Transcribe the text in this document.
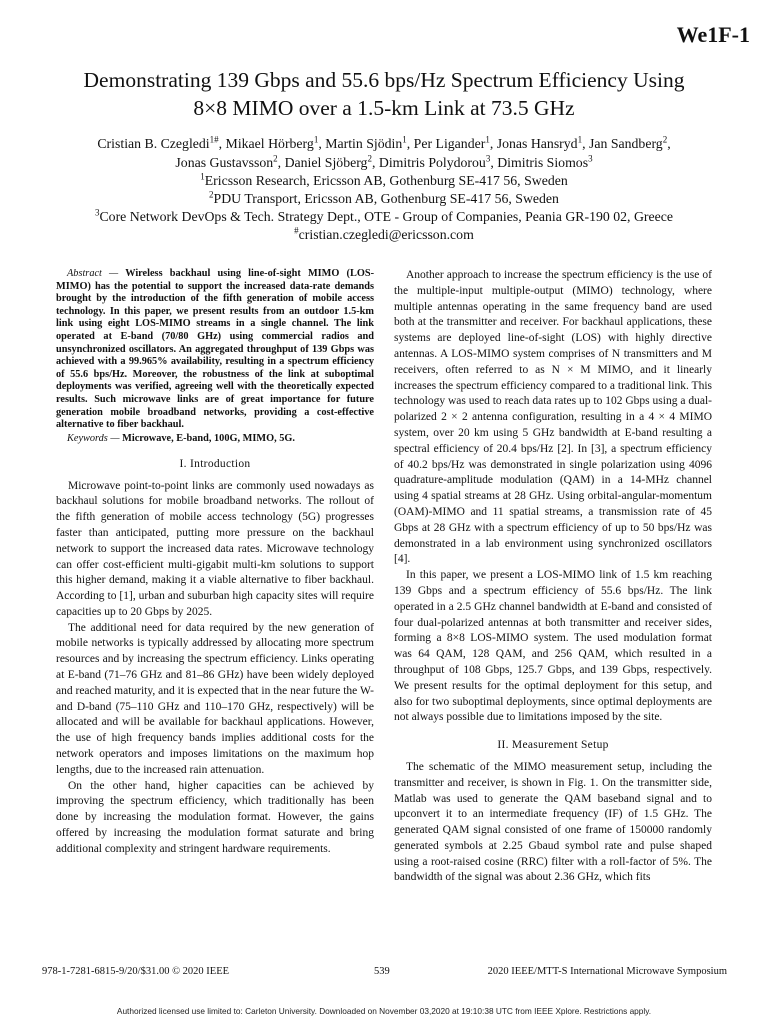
We1F-1
Demonstrating 139 Gbps and 55.6 bps/Hz Spectrum Efficiency Using
8×8 MIMO over a 1.5-km Link at 73.5 GHz
Cristian B. Czegledi$^{1\#}$, Mikael Hörberg$^1$, Martin Sjödin$^1$, Per Ligander$^1$, Jonas Hansryd$^1$, Jan Sandberg$^2$,
Jonas Gustavsson$^2$, Daniel Sjöberg$^2$, Dimitris Polydorou$^3$, Dimitris Siomos$^3$
$^1$Ericsson Research, Ericsson AB, Gothenburg SE-417 56, Sweden
$^2$PDU Transport, Ericsson AB, Gothenburg SE-417 56, Sweden
$^3$Core Network DevOps & Tech. Strategy Dept., OTE - Group of Companies, Peania GR-190 02, Greece
#cristian.czegledi@ericsson.com

Abstract — Wireless backhaul using line-of-sight MIMO (LOS-MIMO) has the potential to support the increased data-rate demands brought by the introduction of the fifth generation of mobile access technology. In this paper, we present results from an outdoor 1.5-km link using eight LOS-MIMO streams in a single channel. The link operated at E-band (70/80 GHz) using commercial radios and unsynchronized oscillators. An aggregated throughput of 139 Gbps was achieved with a 99.965% availability, resulting in a spectrum efficiency of 55.6 bps/Hz. Moreover, the robustness of the link at suboptimal deployments was verified, agreeing well with the theoretically expected results. Such microwave links are of great importance for future generation mobile broadband networks, providing a cost-effective alternative to fiber backhaul.

Keywords — Microwave, E-band, 100G, MIMO, 5G.

I. Introduction

Microwave point-to-point links are commonly used nowadays as backhaul solutions for mobile broadband networks. The rollout of the fifth generation of mobile access technology (5G) progresses faster than anticipated, putting more pressure on the backhaul network to support the increased data rates. Microwave technology can offer cost-efficient multi-gigabit multi-km solutions to support this higher demand, making it a viable alternative to fiber backhaul. According to [1], urban and suburban high capacity sites will require capacities up to 20 Gbps by 2025.

The additional need for data required by the new generation of mobile networks is typically addressed by allocating more spectrum resources and by increasing the spectrum efficiency. Links operating at E-band (71–76 GHz and 81–86 GHz) have been widely deployed and reached maturity, and it is expected that in the near future the W- and D-band (75–110 GHz and 110–170 GHz, respectively) will be allocated and will be available for backhaul applications. However, the use of high frequency bands implies additional costs for the network operators and imposes limitations on the maximum hop lengths, due to the increased rain attenuation.

On the other hand, higher capacities can be achieved by improving the spectrum efficiency, which traditionally has been done by increasing the modulation format. However, the gains offered by increasing the modulation format saturate and bring additional complexity and stringent hardware requirements.

Another approach to increase the spectrum efficiency is the use of the multiple-input multiple-output (MIMO) technology, where multiple antennas operating in the same frequency band are used both at the transmitter and receiver. For backhaul applications, these systems are deployed line-of-sight (LOS) with highly directive antennas. A LOS-MIMO system comprises of N transmitters and M receivers, often referred to as N × M MIMO, and it linearly increases the spectrum efficiency compared to a traditional link. This technology was used to reach data rates up to 102 Gbps using a dual-polarized 2 × 2 antenna configuration, resulting in a 4 × 4 MIMO system, over 20 km using 5 GHz bandwidth at E-band resulting a spectral efficiency of 20.4 bps/Hz [2]. In [3], a spectrum efficiency of 40.2 bps/Hz was demonstrated in single polarization using 4096 quadrature-amplitude modulation (QAM) in a 14-MHz channel using 4 spatial streams at 28 GHz. Using orbital-angular-momentum (OAM)-MIMO and 11 spatial streams, a transmission rate of 45 Gbps at 28 GHz with a spectrum efficiency of up to 50 bps/Hz was demonstrated in a lab environment using synchronized oscillators [4].

In this paper, we present a LOS-MIMO link of 1.5 km reaching 139 Gbps and a spectrum efficiency of 55.6 bps/Hz. The link operated in a 2.5 GHz channel bandwidth at E-band and consisted of four dual-polarized antennas at both transmitter and receiver sides, forming a 8×8 LOS-MIMO system. The used modulation format was 64 QAM, 128 QAM, and 256 QAM, which resulted in a throughput of 108 Gbps, 125.7 Gbps, and 139 Gbps, respectively. We present results for the optimal deployment for this setup, and also for two suboptimal deployments, since optimal deployments are not always possible due to limitations imposed by the site.

II. Measurement Setup

The schematic of the MIMO measurement setup, including the transmitter and receiver, is shown in Fig. 1. On the transmitter side, Matlab was used to generate the QAM baseband signal and to upconvert it to an intermediate frequency (IF) of 1.5 GHz. The generated QAM signal consisted of one frame of 150000 randomly generated symbols at 2.25 Gbaud symbol rate and pulse shaped using a root-raised cosine (RRC) filter with a roll-factor of 5%. The bandwidth of the signal was about 2.36 GHz, which fits

978-1-7281-6815-9/20/$31.00 © 2020 IEEE	539	2020 IEEE/MTT-S International Microwave Symposium
Authorized licensed use limited to: Carleton University. Downloaded on November 03,2020 at 19:10:38 UTC from IEEE Xplore. Restrictions apply.
